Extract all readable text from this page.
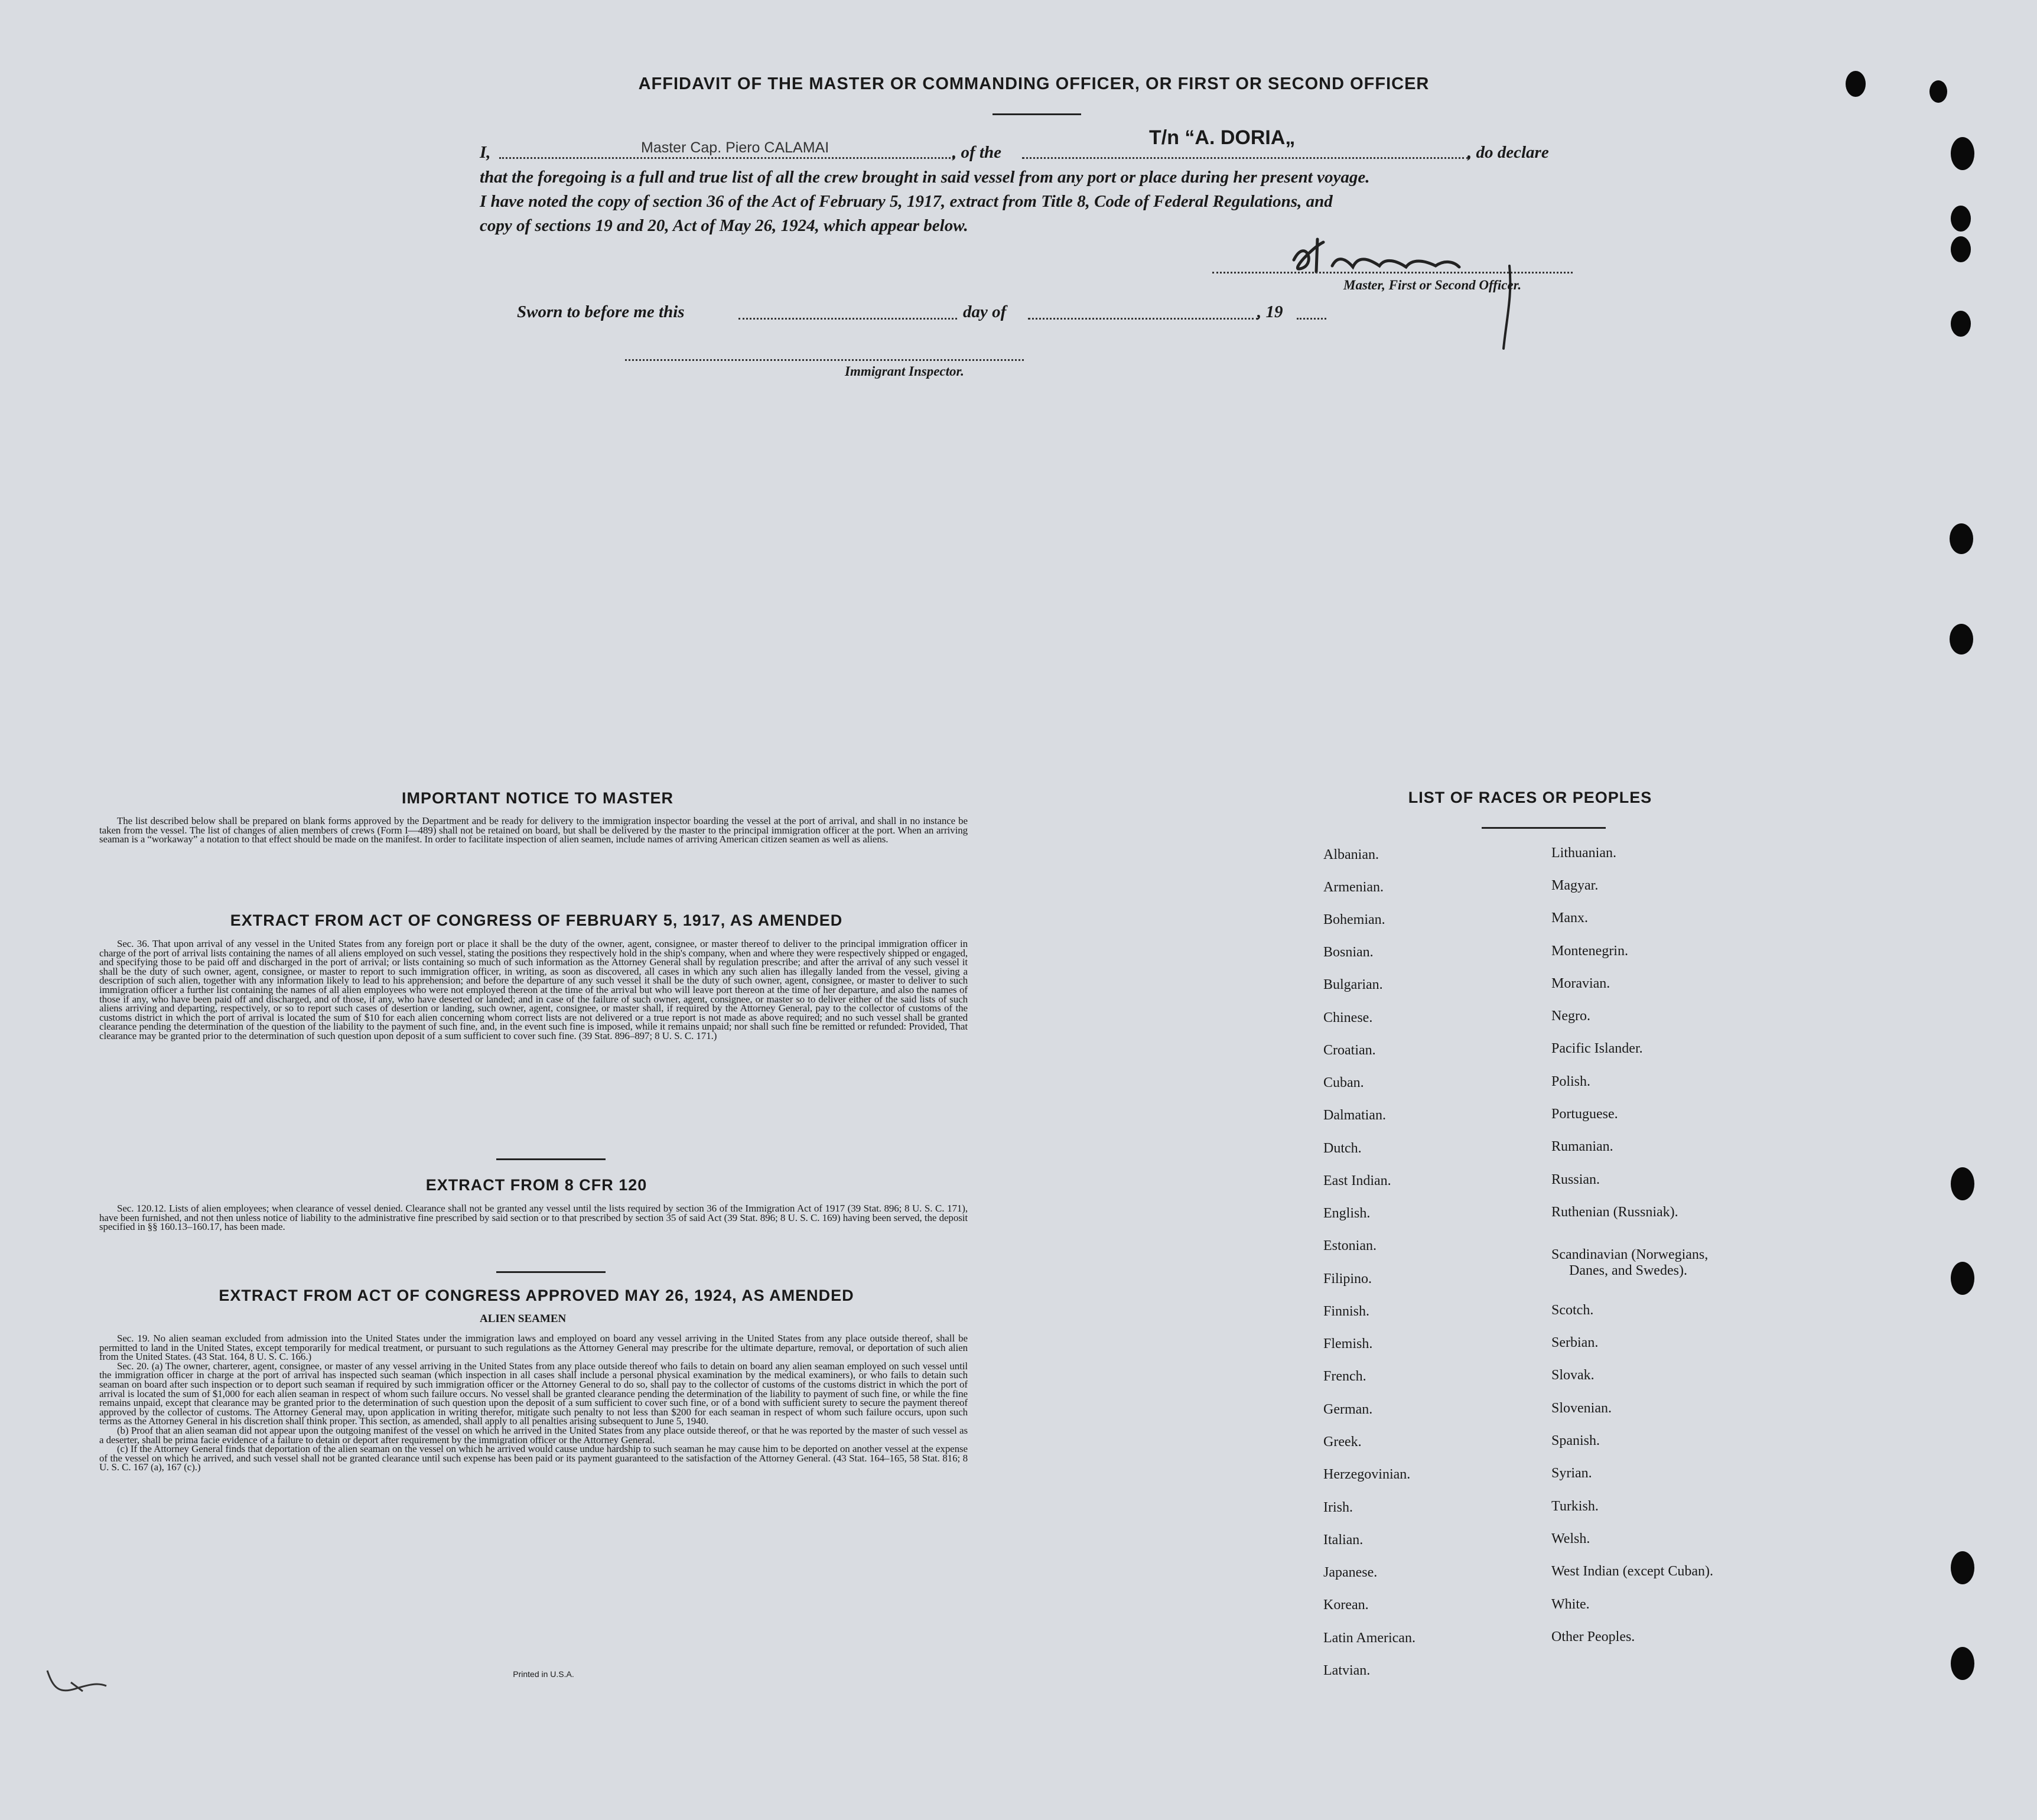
AFFIDAVIT OF THE MASTER OR COMMANDING OFFICER, OR FIRST OR SECOND OFFICER
I,	Master Cap. Piero CALAMAI	, of the
T/n “A. DORIA„
, do declare
that the foregoing is a full and true list of all the crew brought in said vessel from any port or place during her present voyage.
I have noted the copy of section 36 of the Act of February 5, 1917, extract from Title 8, Code of Federal Regulations, and
copy of sections 19 and 20, Act of May 26, 1924, which appear below.
Master, First or Second Officer.
Sworn to before me this	day of	, 19
Immigrant Inspector.
IMPORTANT NOTICE TO MASTER

The list described below shall be prepared on blank forms approved by the Department and be ready for delivery to the immigration inspector boarding the vessel at the port of arrival, and shall in no instance be taken from the vessel. The list of changes of alien members of crews (Form I—489) shall not be retained on board, but shall be delivered by the master to the principal immigration officer at the port. When an arriving seaman is a “workaway” a notation to that effect should be made on the manifest. In order to facilitate inspection of alien seamen, include names of arriving American citizen seamen as well as aliens.

EXTRACT FROM ACT OF CONGRESS OF FEBRUARY 5, 1917, AS AMENDED

Sec. 36. That upon arrival of any vessel in the United States from any foreign port or place it shall be the duty of the owner, agent, consignee, or master thereof to deliver to the principal immigration officer in charge of the port of arrival lists containing the names of all aliens employed on such vessel, stating the positions they respectively hold in the ship's company, when and where they were respectively shipped or engaged, and specifying those to be paid off and discharged in the port of arrival; or lists containing so much of such information as the Attorney General shall by regulation prescribe; and after the arrival of any such vessel it shall be the duty of such owner, agent, consignee, or master to report to such immigration officer, in writing, as soon as discovered, all cases in which any such alien has illegally landed from the vessel, giving a description of such alien, together with any information likely to lead to his apprehension; and before the departure of any such vessel it shall be the duty of such owner, agent, consignee, or master to deliver to such immigration officer a further list containing the names of all alien employees who were not employed thereon at the time of the arrival but who will leave port thereon at the time of her departure, and also the names of those if any, who have been paid off and discharged, and of those, if any, who have deserted or landed; and in case of the failure of such owner, agent, consignee, or master so to deliver either of the said lists of such aliens arriving and departing, respectively, or so to report such cases of desertion or landing, such owner, agent, consignee, or master shall, if required by the Attorney General, pay to the collector of customs of the customs district in which the port of arrival is located the sum of $10 for each alien concerning whom correct lists are not delivered or a true report is not made as above required; and no such vessel shall be granted clearance pending the determination of the question of the liability to the payment of such fine, and, in the event such fine is imposed, while it remains unpaid; nor shall such fine be remitted or refunded: Provided, That clearance may be granted prior to the determination of such question upon deposit of a sum sufficient to cover such fine. (39 Stat. 896–897; 8 U. S. C. 171.)

EXTRACT FROM 8 CFR 120

Sec. 120.12. Lists of alien employees; when clearance of vessel denied. Clearance shall not be granted any vessel until the lists required by section 36 of the Immigration Act of 1917 (39 Stat. 896; 8 U. S. C. 171), have been furnished, and not then unless notice of liability to the administrative fine prescribed by said section or to that prescribed by section 35 of said Act (39 Stat. 896; 8 U. S. C. 169) having been served, the deposit specified in §§ 160.13–160.17, has been made.

EXTRACT FROM ACT OF CONGRESS APPROVED MAY 26, 1924, AS AMENDED
ALIEN SEAMEN

Sec. 19. No alien seaman excluded from admission into the United States under the immigration laws and employed on board any vessel arriving in the United States from any place outside thereof, shall be permitted to land in the United States, except temporarily for medical treatment, or pursuant to such regulations as the Attorney General may prescribe for the ultimate departure, removal, or deportation of such alien from the United States. (43 Stat. 164, 8 U. S. C. 166.)

Sec. 20. (a) The owner, charterer, agent, consignee, or master of any vessel arriving in the United States from any place outside thereof who fails to detain on board any alien seaman employed on such vessel until the immigration officer in charge at the port of arrival has inspected such seaman (which inspection in all cases shall include a personal physical examination by the medical examiners), or who fails to detain such seaman on board after such inspection or to deport such seaman if required by such immigration officer or the Attorney General to do so, shall pay to the collector of customs of the customs district in which the port of arrival is located the sum of $1,000 for each alien seaman in respect of whom such failure occurs. No vessel shall be granted clearance pending the determination of the liability to payment of such fine, or while the fine remains unpaid, except that clearance may be granted prior to the determination of such question upon the deposit of a sum sufficient to cover such fine, or of a bond with sufficient surety to secure the payment thereof approved by the collector of customs. The Attorney General may, upon application in writing therefor, mitigate such penalty to not less than $200 for each seaman in respect of whom such failure occurs, upon such terms as the Attorney General in his discretion shall think proper. This section, as amended, shall apply to all penalties arising subsequent to June 5, 1940.

(b) Proof that an alien seaman did not appear upon the outgoing manifest of the vessel on which he arrived in the United States from any place outside thereof, or that he was reported by the master of such vessel as a deserter, shall be prima facie evidence of a failure to detain or deport after requirement by the immigration officer or the Attorney General.

(c) If the Attorney General finds that deportation of the alien seaman on the vessel on which he arrived would cause undue hardship to such seaman he may cause him to be deported on another vessel at the expense of the vessel on which he arrived, and such vessel shall not be granted clearance until such expense has been paid or its payment guaranteed to the satisfaction of the Attorney General. (43 Stat. 164–165, 58 Stat. 816; 8 U. S. C. 167 (a), 167 (c).)

Printed in U.S.A.
LIST OF RACES OR PEOPLES
Albanian.
Armenian.
Bohemian.
Bosnian.
Bulgarian.
Chinese.
Croatian.
Cuban.
Dalmatian.
Dutch.
East Indian.
English.
Estonian.
Filipino.
Finnish.
Flemish.
French.
German.
Greek.
Herzegovinian.
Irish.
Italian.
Japanese.
Korean.
Latin American.
Latvian.
Lithuanian.
Magyar.
Manx.
Montenegrin.
Moravian.
Negro.
Pacific Islander.
Polish.
Portuguese.
Rumanian.
Russian.
Ruthenian (Russniak).
Scandinavian (Norwegians,
Danes, and Swedes).
Scotch.
Serbian.
Slovak.
Slovenian.
Spanish.
Syrian.
Turkish.
Welsh.
West Indian (except Cuban).
White.
Other Peoples.
